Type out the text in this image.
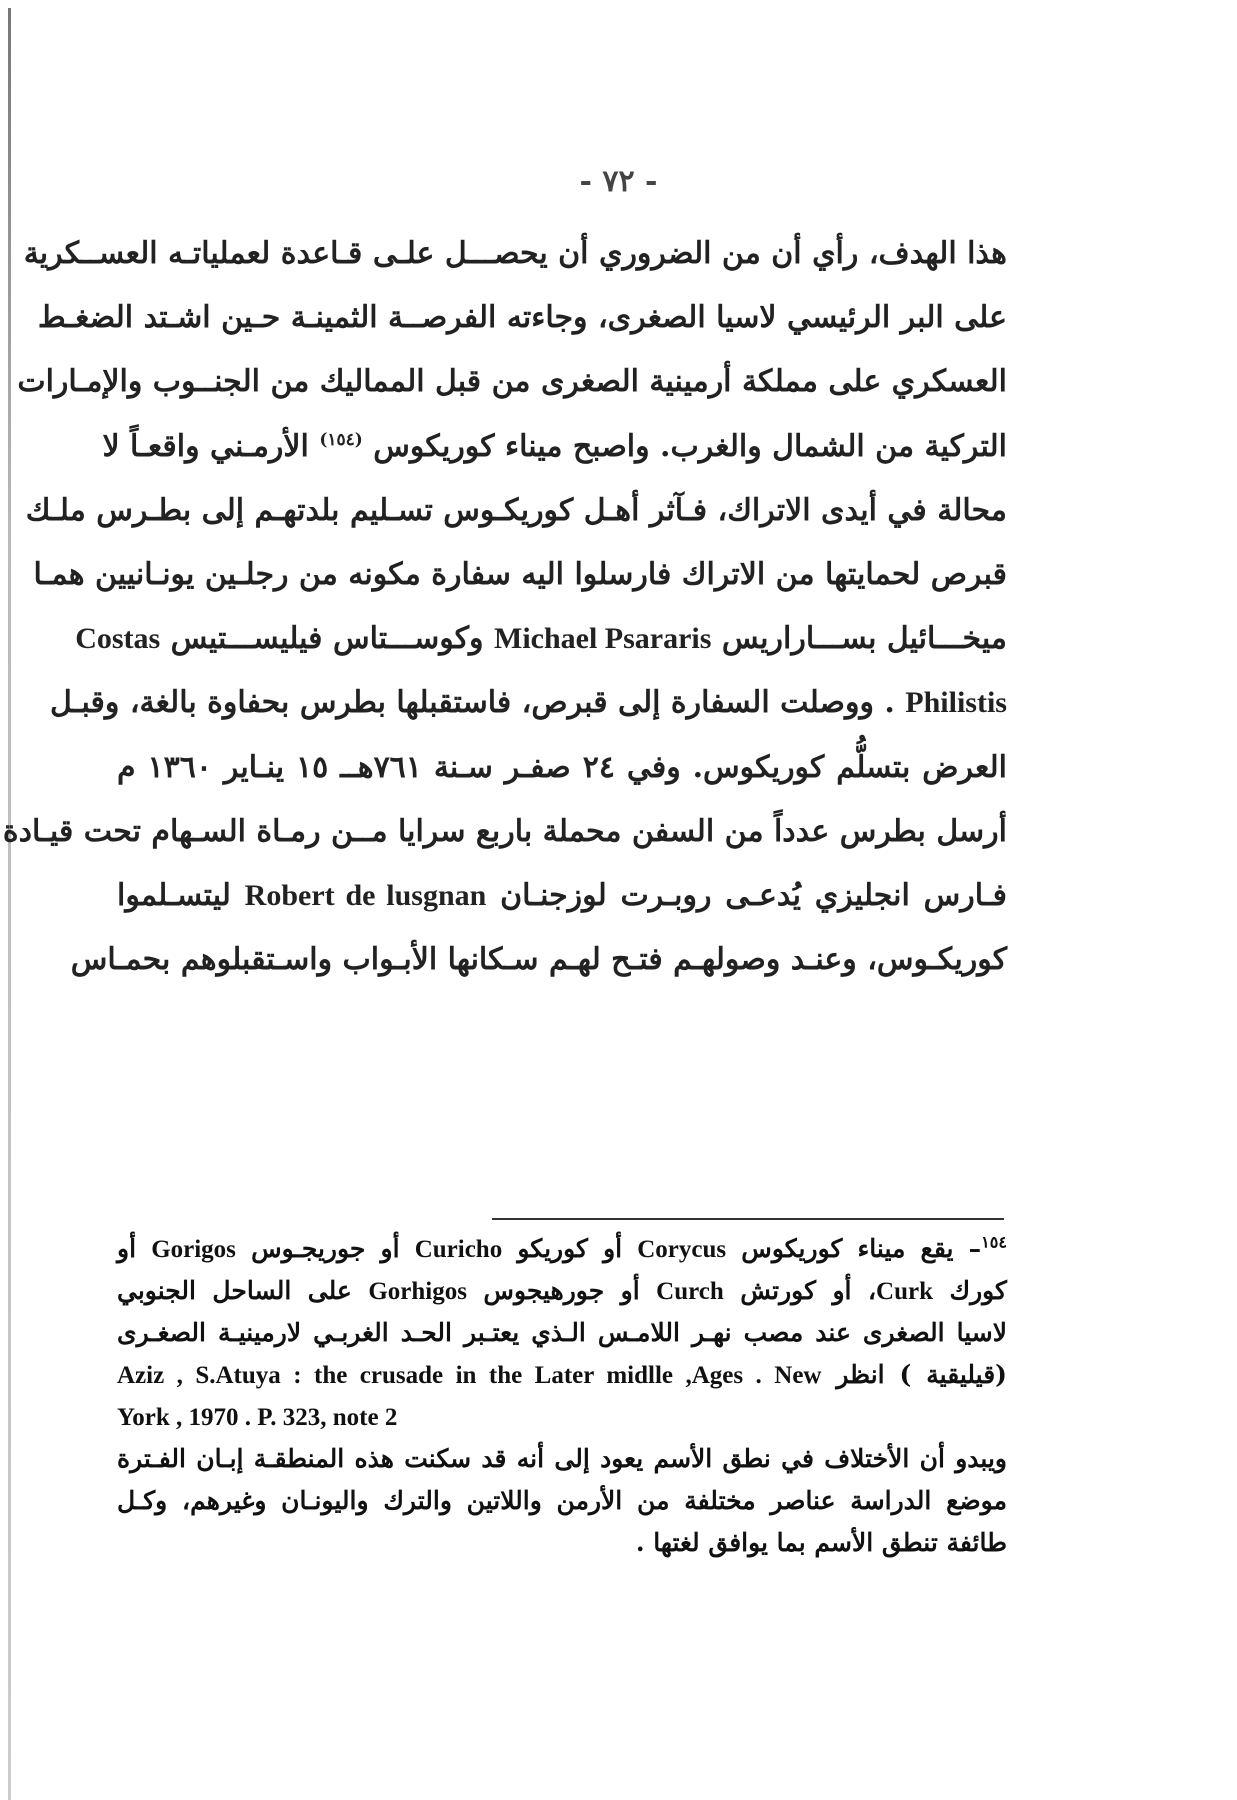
- ٧٢ -
هذا الهدف، رأي أن من الضروري أن يحصـــل علـى قـاعدة لعملياتـه العســكرية
على البر الرئيسي لاسيا الصغرى، وجاءته الفرصــة الثمينـة حـين اشـتد الضغـط
العسكري على مملكة أرمينية الصغرى من قبل المماليك من الجنــوب والإمـارات
التركية من الشمال والغرب. واصبح ميناء كوريكوس $^{(١٥٤)}$ الأرمـني واقعـاً لا
محالة في أيدى الاتراك، فـآثر أهـل كوريكـوس تسـليم بلدتهـم إلى بطـرس ملـك
قبرص لحمايتها من الاتراك فارسلوا اليه سفارة مكونه من رجلـين يونـانيين همـا
ميخـــائيل بســـاراريس Michael Psararis وكوســـتاس فيليســـتيس Costas
Philistis . ووصلت السفارة إلى قبرص، فاستقبلها بطرس بحفاوة بالغة، وقبـل
العرض بتسلُّم كوريكوس. وفي ٢٤ صفـر سـنة ٧٦١هــ ١٥ ينـاير ١٣٦٠ م
أرسل بطرس عدداً من السفن محملة باربع سرايا مــن رمـاة السـهام تحت قيـادة
فـارس انجليزي يُدعـى روبـرت لوزجنـان Robert de lusgnan ليتسـلموا
كوريكـوس، وعنـد وصولهـم فتـح لهـم سـكانها الأبـواب واسـتقبلوهم بحمـاس
$^{١٥٤}$– يقع ميناء كوريكوس Corycus أو كوريكو Curicho أو جوريجـوس Gorigos أو
كورك Curk، أو كورتش Curch أو جورهيجوس Gorhigos على الساحل الجنوبي
لاسيا الصغرى عند مصب نهـر اللامـس الـذي يعتـبر الحـد الغربـي لارمينيـة الصغـرى
(قيليقية ) انظر Aziz , S.Atuya : the crusade in the Later midlle ,Ages . New
York , 1970 . P. 323, note 2
ويبدو أن الأختلاف في نطق الأسم يعود إلى أنه قد سكنت هذه المنطقـة إبـان الفـترة
موضع الدراسة عناصر مختلفة من الأرمن واللاتين والترك واليونـان وغيرهم، وكـل
طائفة تنطق الأسم بما يوافق لغتها .
